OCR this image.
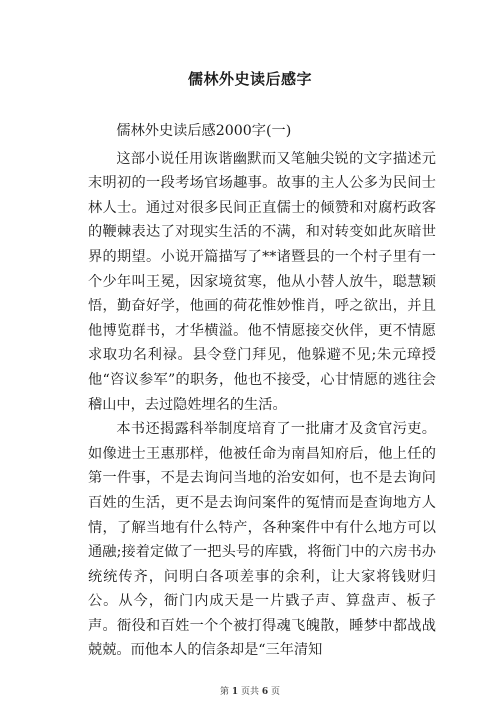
儒林外史读后感字

儒林外史读后感2000字(一)

这部小说任用诙谐幽默而又笔触尖锐的文字描述元末明初的一段考场官场趣事。故事的主人公多为民间士林人士。通过对很多民间正直儒士的倾赞和对腐朽政客的鞭棘表达了对现实生活的不满，和对转变如此灰暗世界的期望。小说开篇描写了**诸暨县的一个村子里有一个少年叫王冕，因家境贫寒，他从小替人放牛，聪慧颖悟，勤奋好学，他画的荷花惟妙惟肖，呼之欲出，并且他博览群书，才华横溢。他不情愿接交伙伴，更不情愿求取功名利禄。县令登门拜见，他躲避不见;朱元璋授他“咨议参军”的职务，他也不接受，心甘情愿的逃往会稽山中，去过隐姓埋名的生活。

本书还揭露科举制度培育了一批庸才及贪官污吏。如像进士王惠那样，他被任命为南昌知府后，他上任的第一件事，不是去询问当地的治安如何，也不是去询问百姓的生活，更不是去询问案件的冤情而是查询地方人情，了解当地有什么特产，各种案件中有什么地方可以通融;接着定做了一把头号的库戥，将衙门中的六房书办统统传齐，问明白各项差事的余利，让大家将钱财归公。从今，衙门内成天是一片戥子声、算盘声、板子声。衙役和百姓一个个被打得魂飞魄散，睡梦中都战战兢兢。而他本人的信条却是“三年清知

第 1 页共 6 页
